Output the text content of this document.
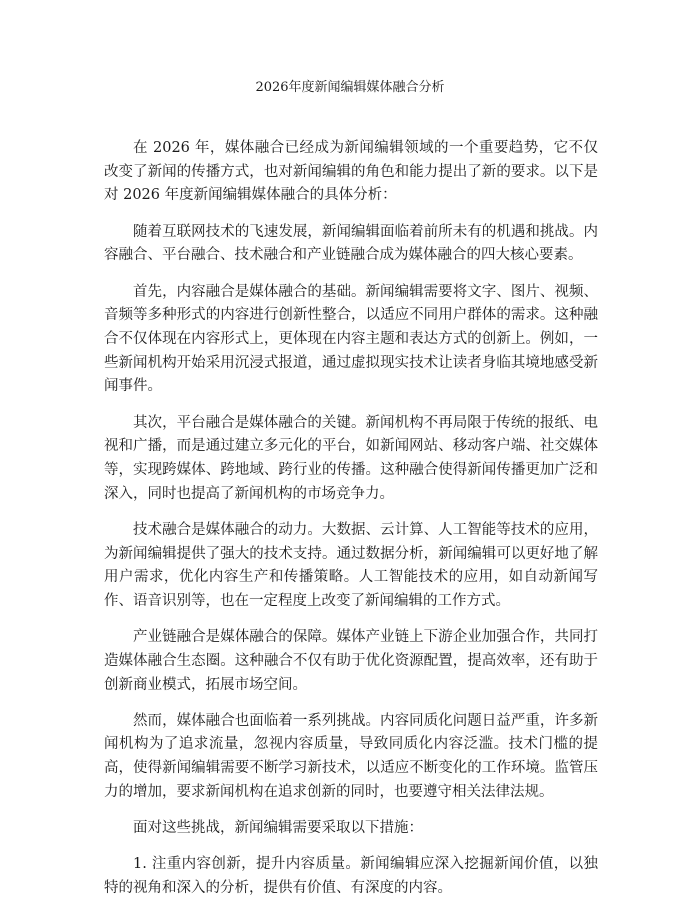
2026年度新闻编辑媒体融合分析

在 2026 年，媒体融合已经成为新闻编辑领域的一个重要趋势，它不仅改变了新闻的传播方式，也对新闻编辑的角色和能力提出了新的要求。以下是对 2026 年度新闻编辑媒体融合的具体分析：

随着互联网技术的飞速发展，新闻编辑面临着前所未有的机遇和挑战。内容融合、平台融合、技术融合和产业链融合成为媒体融合的四大核心要素。

首先，内容融合是媒体融合的基础。新闻编辑需要将文字、图片、视频、音频等多种形式的内容进行创新性整合，以适应不同用户群体的需求。这种融合不仅体现在内容形式上，更体现在内容主题和表达方式的创新上。例如，一些新闻机构开始采用沉浸式报道，通过虚拟现实技术让读者身临其境地感受新闻事件。

其次，平台融合是媒体融合的关键。新闻机构不再局限于传统的报纸、电视和广播，而是通过建立多元化的平台，如新闻网站、移动客户端、社交媒体等，实现跨媒体、跨地域、跨行业的传播。这种融合使得新闻传播更加广泛和深入，同时也提高了新闻机构的市场竞争力。

技术融合是媒体融合的动力。大数据、云计算、人工智能等技术的应用，为新闻编辑提供了强大的技术支持。通过数据分析，新闻编辑可以更好地了解用户需求，优化内容生产和传播策略。人工智能技术的应用，如自动新闻写作、语音识别等，也在一定程度上改变了新闻编辑的工作方式。

产业链融合是媒体融合的保障。媒体产业链上下游企业加强合作，共同打造媒体融合生态圈。这种融合不仅有助于优化资源配置，提高效率，还有助于创新商业模式，拓展市场空间。

然而，媒体融合也面临着一系列挑战。内容同质化问题日益严重，许多新闻机构为了追求流量，忽视内容质量，导致同质化内容泛滥。技术门槛的提高，使得新闻编辑需要不断学习新技术，以适应不断变化的工作环境。监管压力的增加，要求新闻机构在追求创新的同时，也要遵守相关法律法规。

面对这些挑战，新闻编辑需要采取以下措施：

1. 注重内容创新，提升内容质量。新闻编辑应深入挖掘新闻价值，以独特的视角和深入的分析，提供有价值、有深度的内容。
